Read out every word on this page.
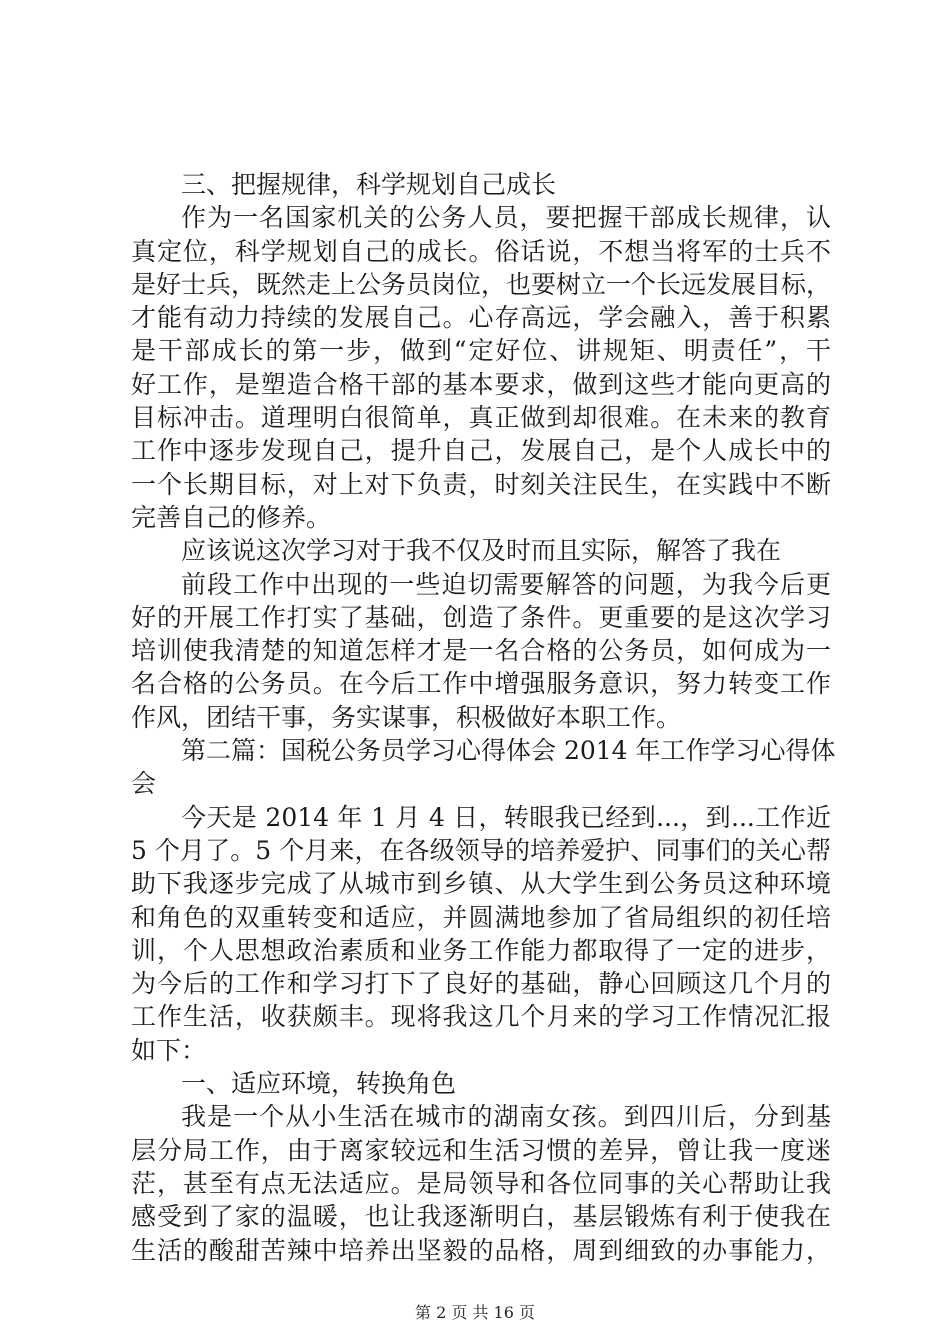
三、把握规律，科学规划自己成长
作为一名国家机关的公务人员，要把握干部成长规律，认
真定位，科学规划自己的成长。俗话说，不想当将军的士兵不
是好士兵，既然走上公务员岗位，也要树立一个长远发展目标，
才能有动力持续的发展自己。心存高远，学会融入，善于积累
是干部成长的第一步，做到“定好位、讲规矩、明责任”，干
好工作，是塑造合格干部的基本要求，做到这些才能向更高的
目标冲击。道理明白很简单，真正做到却很难。在未来的教育
工作中逐步发现自己，提升自己，发展自己，是个人成长中的
一个长期目标，对上对下负责，时刻关注民生，在实践中不断
完善自己的修养。
应该说这次学习对于我不仅及时而且实际，解答了我在
前段工作中出现的一些迫切需要解答的问题，为我今后更
好的开展工作打实了基础，创造了条件。更重要的是这次学习
培训使我清楚的知道怎样才是一名合格的公务员，如何成为一
名合格的公务员。在今后工作中增强服务意识，努力转变工作
作风，团结干事，务实谋事，积极做好本职工作。
第二篇：国税公务员学习心得体会 2014 年工作学习心得体
会
今天是 2014 年 1 月 4 日，转眼我已经到...，到...工作近
5 个月了。5 个月来，在各级领导的培养爱护、同事们的关心帮
助下我逐步完成了从城市到乡镇、从大学生到公务员这种环境
和角色的双重转变和适应，并圆满地参加了省局组织的初任培
训，个人思想政治素质和业务工作能力都取得了一定的进步，
为今后的工作和学习打下了良好的基础，静心回顾这几个月的
工作生活，收获颇丰。现将我这几个月来的学习工作情况汇报
如下：
一、适应环境，转换角色
我是一个从小生活在城市的湖南女孩。到四川后，分到基
层分局工作，由于离家较远和生活习惯的差异，曾让我一度迷
茫，甚至有点无法适应。是局领导和各位同事的关心帮助让我
感受到了家的温暖，也让我逐渐明白，基层锻炼有利于使我在
生活的酸甜苦辣中培养出坚毅的品格，周到细致的办事能力，
第 2 页 共 16 页
